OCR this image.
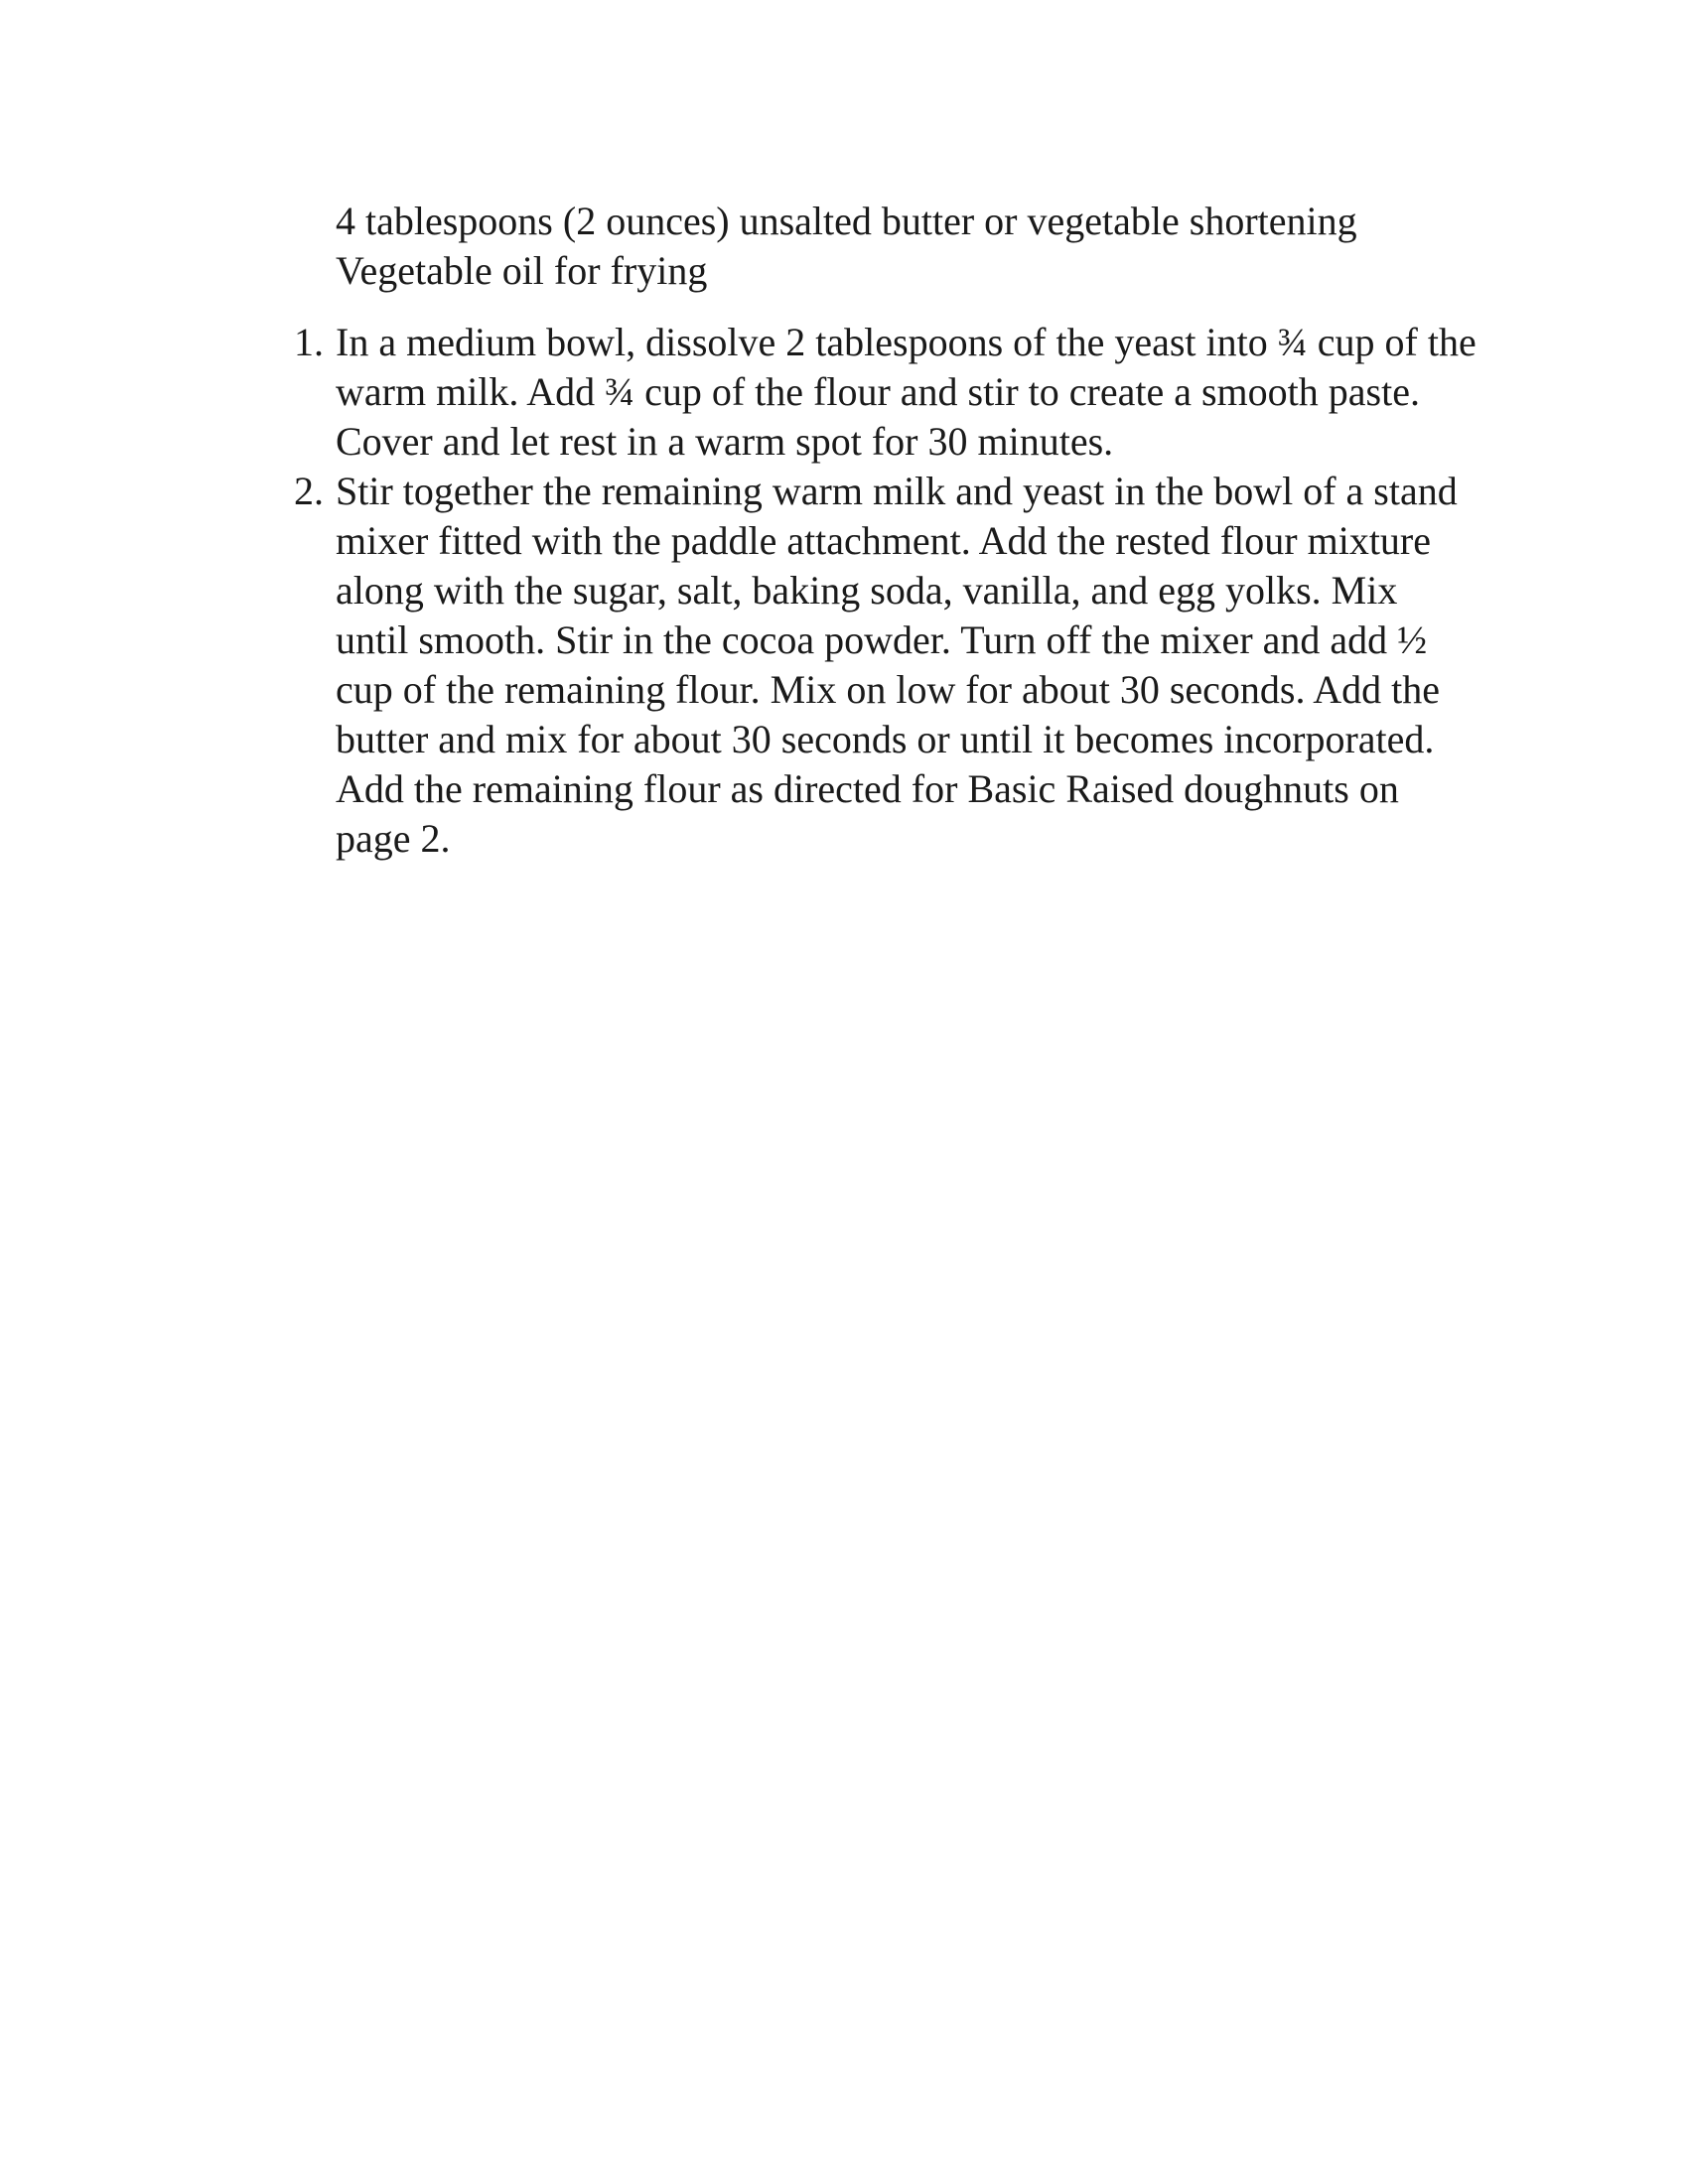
4 tablespoons (2 ounces) unsalted butter or vegetable shortening
Vegetable oil for frying
1. In a medium bowl, dissolve 2 tablespoons of the yeast into ¾ cup of the warm milk. Add ¾ cup of the flour and stir to create a smooth paste. Cover and let rest in a warm spot for 30 minutes.
2. Stir together the remaining warm milk and yeast in the bowl of a stand mixer fitted with the paddle attachment. Add the rested flour mixture along with the sugar, salt, baking soda, vanilla, and egg yolks. Mix until smooth. Stir in the cocoa powder. Turn off the mixer and add ½ cup of the remaining flour. Mix on low for about 30 seconds. Add the butter and mix for about 30 seconds or until it becomes incorporated. Add the remaining flour as directed for Basic Raised doughnuts on page 2.
